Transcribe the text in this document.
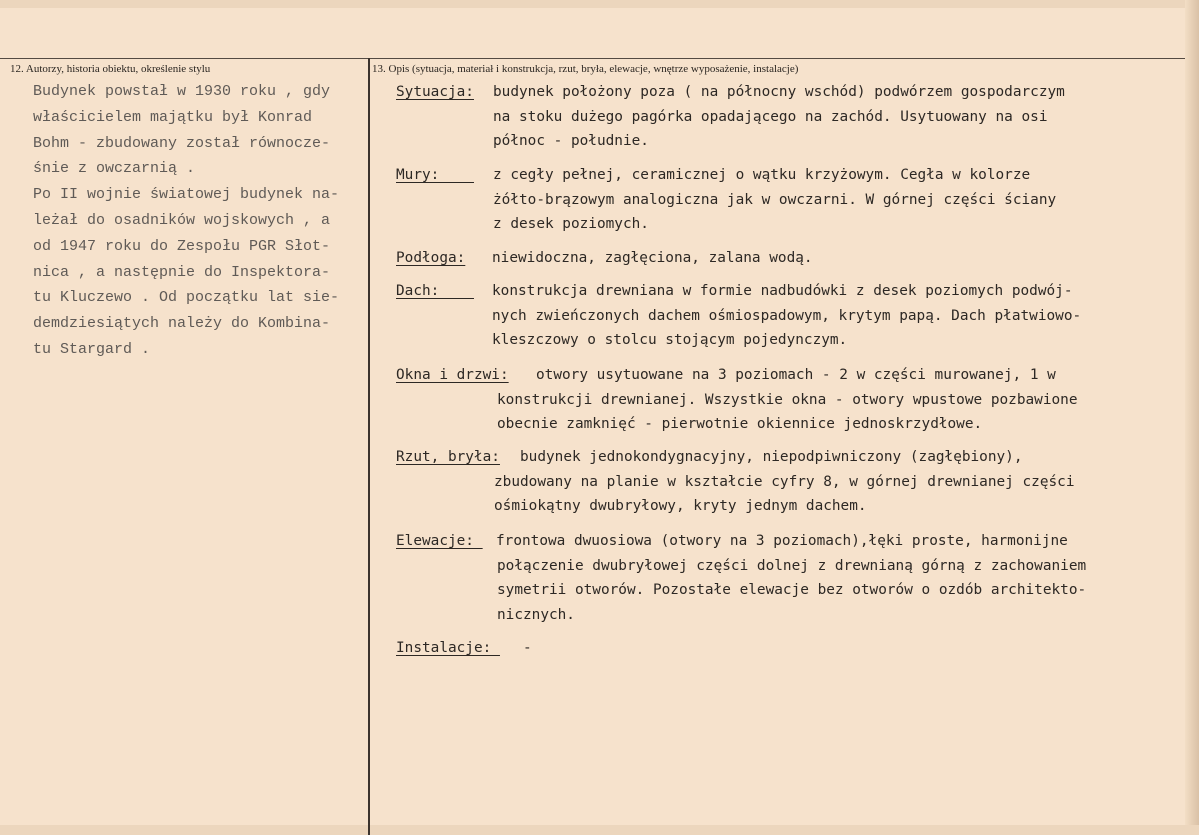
12. Autorzy, historia obiektu, określenie stylu	13. Opis (sytuacja, materiał i konstrukcja, rzut, bryła, elewacje, wnętrze wyposażenie, instalacje)
Budynek powstał w 1930 roku , gdy
właścicielem majątku był Konrad
Bohm - zbudowany został równocze-
śnie z owczarnią .
Po II wojnie światowej budynek na-
leżał do osadników wojskowych , a
od 1947 roku do Zespołu PGR Słot-
nica , a następnie do Inspektora-
tu Kluczewo . Od początku lat sie-
demdziesiątych należy do Kombina-
tu Stargard .
Sytuacja: budynek położony poza ( na północny wschód) podwórzem gospodarczym
na stoku dużego pagórka opadającego na zachód. Usytuowany na osi
północ - południe.
Mury: z cegły pełnej, ceramicznej o wątku krzyżowym. Cegła w kolorze
żółto-brązowym analogiczna jak w owczarni. W górnej części ściany
z desek poziomych.
Podłoga: niewidoczna, zagłęciona, zalana wodą.
Dach: konstrukcja drewniana w formie nadbudówki z desek poziomych podwój-
nych zwieńczonych dachem ośmiospadowym, krytym papą. Dach płatwiowo-
kleszczowy o stolcu stojącym pojedynczym.
Okna i drzwi: otwory usytuowane na 3 poziomach - 2 w części murowanej, 1 w
konstrukcji drewnianej. Wszystkie okna - otwory wpustowe pozbawione
obecnie zamknięć - pierwotnie okiennice jednoskrzydłowe.
Rzut, bryła: budynek jednokondygnacyjny, niepodpiwniczony (zagłębiony),
zbudowany na planie w kształcie cyfry 8, w górnej drewnianej części
ośmiokątny dwubryłowy, kryty jednym dachem.
Elewacje: frontowa dwuosiowa (otwory na 3 poziomach),łęki proste, harmonijne
połączenie dwubryłowej części dolnej z drewnianą górną z zachowaniem
symetrii otworów. Pozostałe elewacje bez otworów o ozdób architekto-
nicznych.
Instalacje: -
